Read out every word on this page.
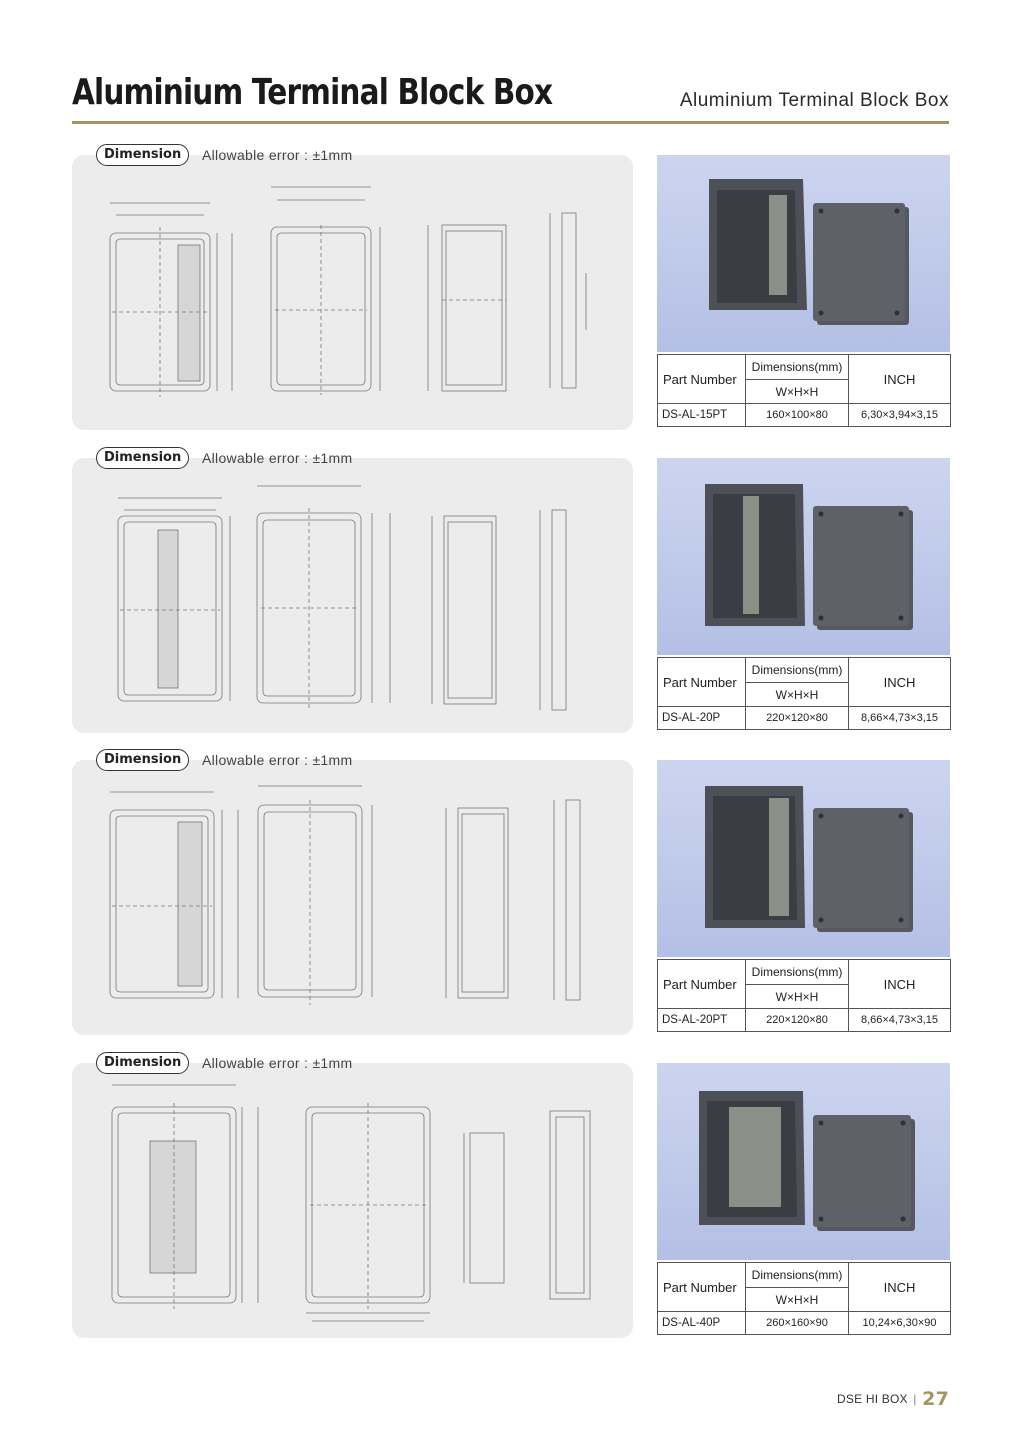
Aluminium Terminal Block Box	Aluminium Terminal Block Box
Dimension	Allowable error : ±1mm
Part Number	Dimensions(mm)	INCH
	W×H×H	
DS-AL-15PT	160×100×80	6,30×3,94×3,15
Dimension	Allowable error : ±1mm
Part Number	Dimensions(mm)	INCH
	W×H×H	
DS-AL-20P	220×120×80	8,66×4,73×3,15
Dimension	Allowable error : ±1mm
Part Number	Dimensions(mm)	INCH
	W×H×H	
DS-AL-20PT	220×120×80	8,66×4,73×3,15
Dimension	Allowable error : ±1mm
Part Number	Dimensions(mm)	INCH
	W×H×H	
DS-AL-40P	260×160×90	10,24×6,30×90
DSE HI BOX | 27
